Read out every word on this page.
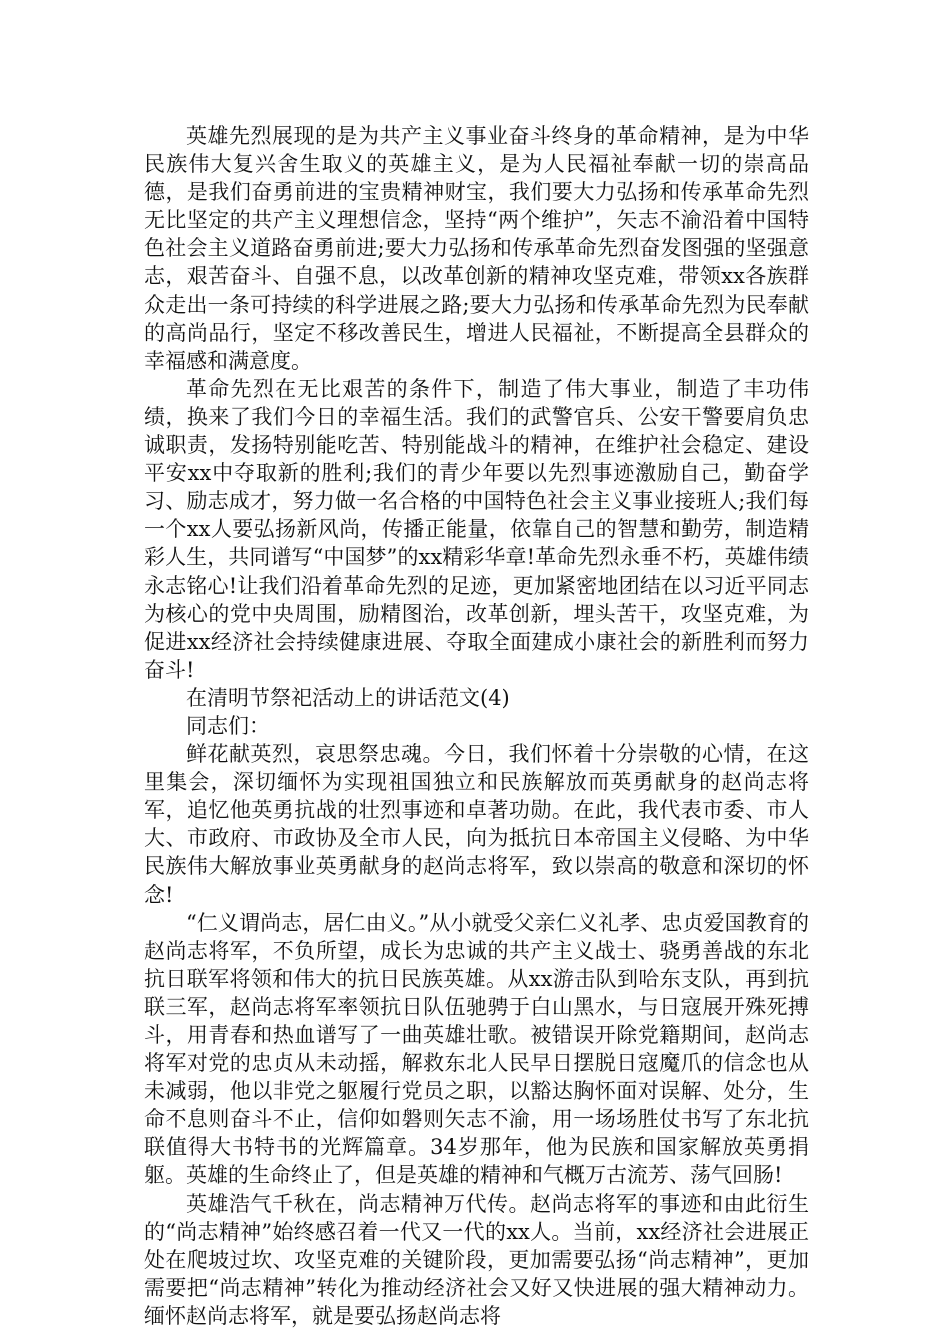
英雄先烈展现的是为共产主义事业奋斗终身的革命精神，是为中华民族伟大复兴舍生取义的英雄主义，是为人民福祉奉献一切的崇高品德，是我们奋勇前进的宝贵精神财宝，我们要大力弘扬和传承革命先烈无比坚定的共产主义理想信念，坚持“两个维护”，矢志不渝沿着中国特色社会主义道路奋勇前进;要大力弘扬和传承革命先烈奋发图强的坚强意志，艰苦奋斗、自强不息，以改革创新的精神攻坚克难，带领xx各族群众走出一条可持续的科学进展之路;要大力弘扬和传承革命先烈为民奉献的高尚品行，坚定不移改善民生，增进人民福祉，不断提高全县群众的幸福感和满意度。

革命先烈在无比艰苦的条件下，制造了伟大事业，制造了丰功伟绩，换来了我们今日的幸福生活。我们的武警官兵、公安干警要肩负忠诚职责，发扬特别能吃苦、特别能战斗的精神，在维护社会稳定、建设平安xx中夺取新的胜利;我们的青少年要以先烈事迹激励自己，勤奋学习、励志成才，努力做一名合格的中国特色社会主义事业接班人;我们每一个xx人要弘扬新风尚，传播正能量，依靠自己的智慧和勤劳，制造精彩人生，共同谱写“中国梦”的xx精彩华章!革命先烈永垂不朽，英雄伟绩永志铭心!让我们沿着革命先烈的足迹，更加紧密地团结在以习近平同志为核心的党中央周围，励精图治，改革创新，埋头苦干，攻坚克难，为促进xx经济社会持续健康进展、夺取全面建成小康社会的新胜利而努力奋斗!

在清明节祭祀活动上的讲话范文(4)

同志们：

鲜花献英烈，哀思祭忠魂。今日，我们怀着十分崇敬的心情，在这里集会，深切缅怀为实现祖国独立和民族解放而英勇献身的赵尚志将军，追忆他英勇抗战的壮烈事迹和卓著功勋。在此，我代表市委、市人大、市政府、市政协及全市人民，向为抵抗日本帝国主义侵略、为中华民族伟大解放事业英勇献身的赵尚志将军，致以崇高的敬意和深切的怀念!

“仁义谓尚志，居仁由义。”从小就受父亲仁义礼孝、忠贞爱国教育的赵尚志将军，不负所望，成长为忠诚的共产主义战士、骁勇善战的东北抗日联军将领和伟大的抗日民族英雄。从xx游击队到哈东支队，再到抗联三军，赵尚志将军率领抗日队伍驰骋于白山黑水，与日寇展开殊死搏斗，用青春和热血谱写了一曲英雄壮歌。被错误开除党籍期间，赵尚志将军对党的忠贞从未动摇，解救东北人民早日摆脱日寇魔爪的信念也从未减弱，他以非党之躯履行党员之职，以豁达胸怀面对误解、处分，生命不息则奋斗不止，信仰如磐则矢志不渝，用一场场胜仗书写了东北抗联值得大书特书的光辉篇章。34岁那年，他为民族和国家解放英勇捐躯。英雄的生命终止了，但是英雄的精神和气概万古流芳、荡气回肠!

英雄浩气千秋在，尚志精神万代传。赵尚志将军的事迹和由此衍生的“尚志精神”始终感召着一代又一代的xx人。当前，xx经济社会进展正处在爬坡过坎、攻坚克难的关键阶段，更加需要弘扬“尚志精神”，更加需要把“尚志精神”转化为推动经济社会又好又快进展的强大精神动力。缅怀赵尚志将军，就是要弘扬赵尚志将
